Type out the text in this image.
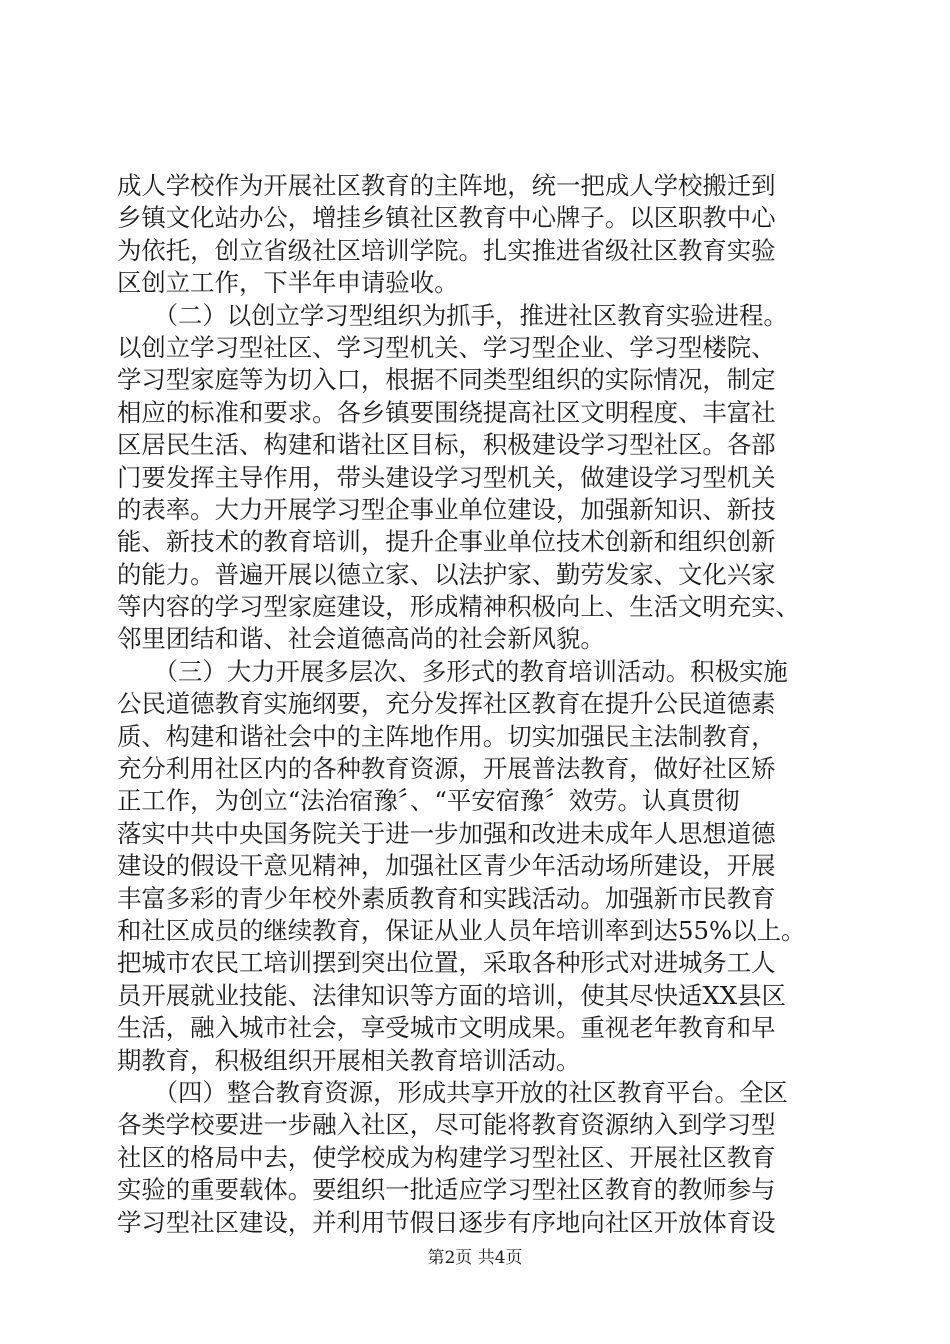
成人学校作为开展社区教育的主阵地，统一把成人学校搬迁到
乡镇文化站办公，增挂乡镇社区教育中心牌子。以区职教中心
为依托，创立省级社区培训学院。扎实推进省级社区教育实验
区创立工作，下半年申请验收。
　　（二）以创立学习型组织为抓手，推进社区教育实验进程。
以创立学习型社区、学习型机关、学习型企业、学习型楼院、
学习型家庭等为切入口，根据不同类型组织的实际情况，制定
相应的标准和要求。各乡镇要围绕提高社区文明程度、丰富社
区居民生活、构建和谐社区目标，积极建设学习型社区。各部
门要发挥主导作用，带头建设学习型机关，做建设学习型机关
的表率。大力开展学习型企事业单位建设，加强新知识、新技
能、新技术的教育培训，提升企事业单位技术创新和组织创新
的能力。普遍开展以德立家、以法护家、勤劳发家、文化兴家
等内容的学习型家庭建设，形成精神积极向上、生活文明充实、
邻里团结和谐、社会道德高尚的社会新风貌。
　　（三）大力开展多层次、多形式的教育培训活动。积极实施
公民道德教育实施纲要，充分发挥社区教育在提升公民道德素
质、构建和谐社会中的主阵地作用。切实加强民主法制教育，
充分利用社区内的各种教育资源，开展普法教育，做好社区矫
正工作，为创立“法治宿豫〞、“平安宿豫〞效劳。认真贯彻
落实中共中央国务院关于进一步加强和改进未成年人思想道德
建设的假设干意见精神，加强社区青少年活动场所建设，开展
丰富多彩的青少年校外素质教育和实践活动。加强新市民教育
和社区成员的继续教育，保证从业人员年培训率到达55%以上。
把城市农民工培训摆到突出位置，采取各种形式对进城务工人
员开展就业技能、法律知识等方面的培训，使其尽快适XX县区
生活，融入城市社会，享受城市文明成果。重视老年教育和早
期教育，积极组织开展相关教育培训活动。
　　（四）整合教育资源，形成共享开放的社区教育平台。全区
各类学校要进一步融入社区，尽可能将教育资源纳入到学习型
社区的格局中去，使学校成为构建学习型社区、开展社区教育
实验的重要载体。要组织一批适应学习型社区教育的教师参与
学习型社区建设，并利用节假日逐步有序地向社区开放体育设
第2页 共4页
